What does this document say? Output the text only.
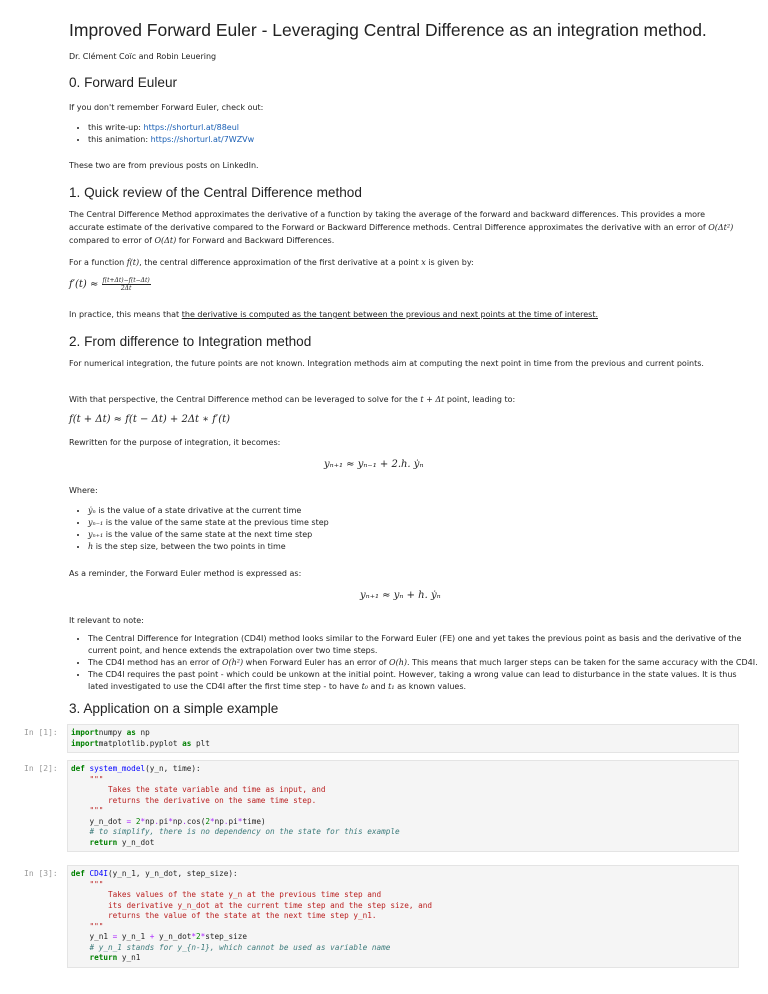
Improved Forward Euler - Leveraging Central Difference as an integration method.

Dr. Clément Coïc and Robin Leuering

0. Forward Euleur

If you don't remember Forward Euler, check out:

• this write-up: https://shorturl.at/88eul
• this animation: https://shorturl.at/7WZVw

These two are from previous posts on LinkedIn.

1. Quick review of the Central Difference method

The Central Difference Method approximates the derivative of a function by taking the average of the forward and backward differences. This provides a more accurate estimate of the derivative compared to the Forward or Backward Difference methods. Central Difference approximates the derivative with an error of O(Δt²) compared to error of O(Δt) for Forward and Backward Differences.

For a function f(t), the central difference approximation of the first derivative at a point x is given by:

$f'(t) \approx \frac{f(t+\Delta t)-f(t-\Delta t)}{2\Delta t}$

In practice, this means that the derivative is computed as the tangent between the previous and next points at the time of interest.

2. From difference to Integration method

For numerical integration, the future points are not known. Integration methods aim at computing the next point in time from the previous and current points.

With that perspective, the Central Difference method can be leveraged to solve for the t + Δt point, leading to:

f(t + Δt) ≈ f(t − Δt) + 2Δt ∗ f′(t)

Rewritten for the purpose of integration, it becomes:

yₙ₊₁ ≈ yₙ₋₁ + 2.h. ẏₙ

Where:

• ẏₙ is the value of a state drivative at the current time
• yₙ₋₁ is the value of the same state at the previous time step
• yₙ₊₁ is the value of the same state at the next time step
• h is the step size, between the two points in time

As a reminder, the Forward Euler method is expressed as:

yₙ₊₁ ≈ yₙ + h. ẏₙ

It relevant to note:

• The Central Difference for Integration (CD4I) method looks similar to the Forward Euler (FE) one and yet takes the previous point as basis and the derivative of the current point, and hence extends the extrapolation over two time steps.
• The CD4I method has an error of O(h²) when Forward Euler has an error of O(h). This means that much larger steps can be taken for the same accuracy with the CD4I.
• The CD4I requires the past point - which could be unkown at the initial point. However, taking a wrong value can lead to disturbance in the state values. It is thus lated investigated to use the CD4I after the first time step - to have t₀ and t₁ as known values.
3. Application on a simple example
In [1]:	importnumpy as np
importmatplotlib.pyplot as plt
In [2]:	def system_model(y_n, time):
"""
Takes the state variable and time as input, and
returns the derivative on the same time step.
"""
y_n_dot = 2*np.pi*np.cos(2*np.pi*time)
# to simplify, there is no dependency on the state for this example
return y_n_dot
In [3]:	def CD4I(y_n_1, y_n_dot, step_size):
"""
Takes values of the state y_n at the previous time step and
its derivative y_n_dot at the current time step and the step size, and
returns the value of the state at the next time step y_n1.
"""
y_n1 = y_n_1 + y_n_dot*2*step_size
# y_n_1 stands for y_{n-1}, which cannot be used as variable name
return y_n1
